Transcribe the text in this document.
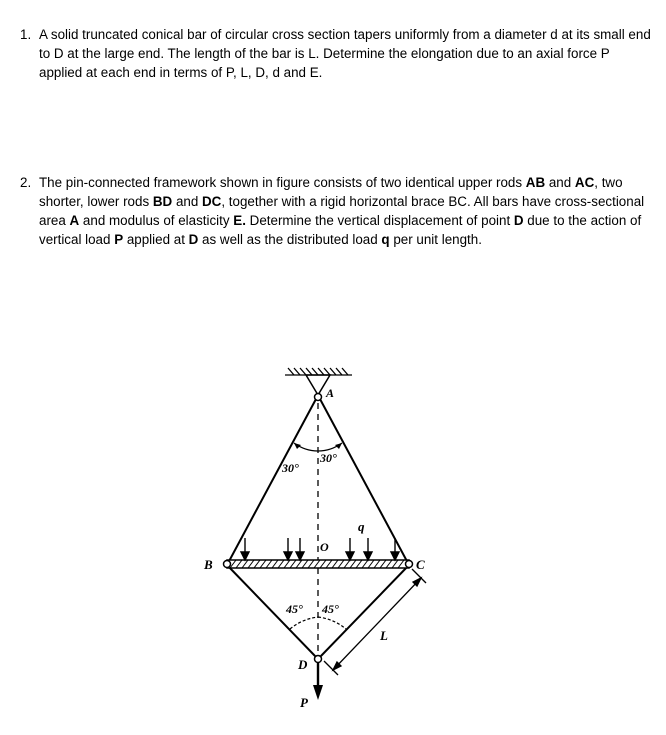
1. A solid truncated conical bar of circular cross section tapers uniformly from a diameter d at its small end to D at the large end. The length of the bar is L. Determine the elongation due to an axial force P applied at each end in terms of P, L, D, d and E.
2. The pin-connected framework shown in figure consists of two identical upper rods AB and AC, two shorter, lower rods BD and DC, together with a rigid horizontal brace BC. All bars have cross-sectional area A and modulus of elasticity E. Determine the vertical displacement of point D due to the action of vertical load P applied at D as well as the distributed load q per unit length.
A
B	C
D
P
q
O
L
30°
30°
45° 45°
